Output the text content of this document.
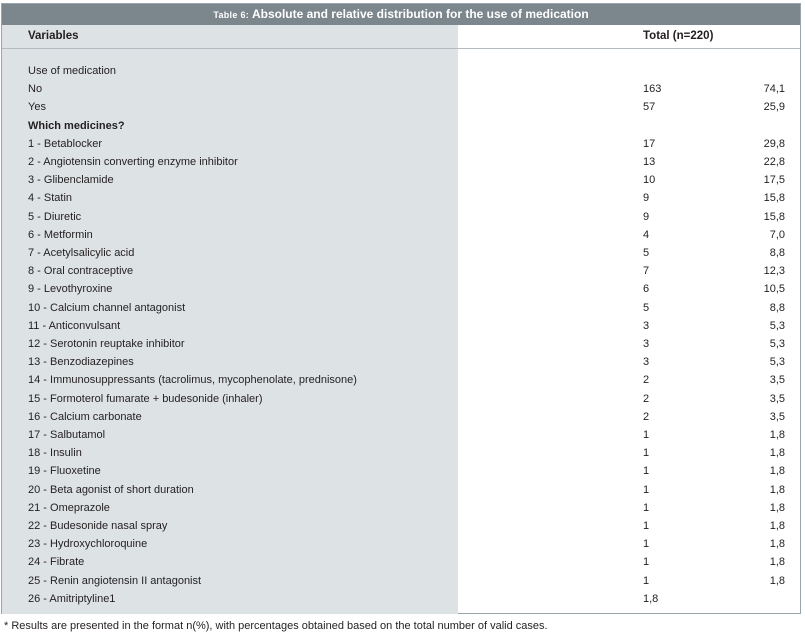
Table 6: Absolute and relative distribution for the use of medication
Variables	Total (n=220)
Use of medication
No	163	74,1
Yes	57	25,9
Which medicines?
1 - Betablocker	17	29,8
2 - Angiotensin converting enzyme inhibitor	13	22,8
3 - Glibenclamide	10	17,5
4 - Statin	9	15,8
5 - Diuretic	9	15,8
6 - Metformin	4	7,0
7 - Acetylsalicylic acid	5	8,8
8 - Oral contraceptive	7	12,3
9 - Levothyroxine	6	10,5
10 - Calcium channel antagonist	5	8,8
11 - Anticonvulsant	3	5,3
12 - Serotonin reuptake inhibitor	3	5,3
13 - Benzodiazepines	3	5,3
14 - Immunosuppressants (tacrolimus, mycophenolate, prednisone)	2	3,5
15 - Formoterol fumarate + budesonide (inhaler)	2	3,5
16 - Calcium carbonate	2	3,5
17 - Salbutamol	1	1,8
18 - Insulin	1	1,8
19 - Fluoxetine	1	1,8
20 - Beta agonist of short duration	1	1,8
21 - Omeprazole	1	1,8
22 - Budesonide nasal spray	1	1,8
23 - Hydroxychloroquine	1	1,8
24 - Fibrate	1	1,8
25 - Renin angiotensin II antagonist	1	1,8
26 - Amitriptyline1	1,8
* Results are presented in the format n(%), with percentages obtained based on the total number of valid cases.
